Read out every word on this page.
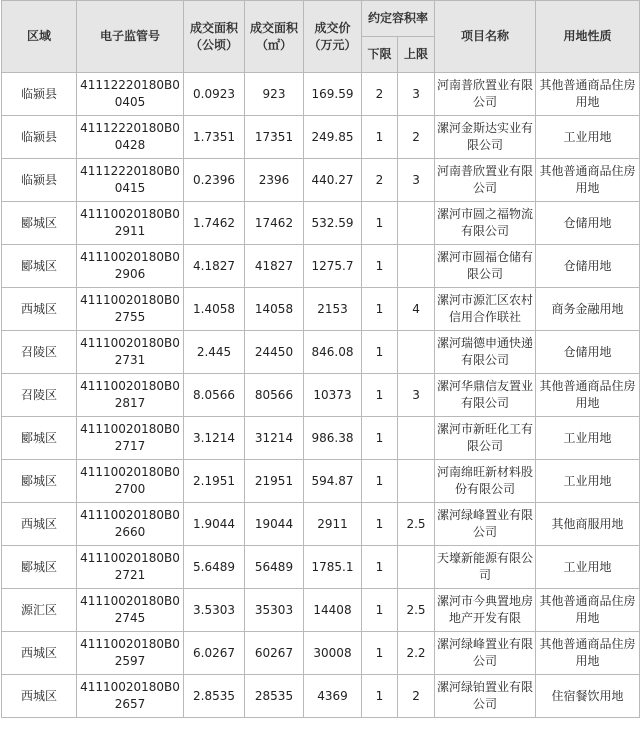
区域	电子监管号	成交面积（公顷）	成交面积（㎡）	成交价（万元）	约定容积率		项目名称	用地性质
					下限	上限		
临颍县	41112220180B00405	0.0923	923	169.59	2	3	河南普欣置业有限公司	其他普通商品住房用地
临颍县	41112220180B00428	1.7351	17351	249.85	1	2	漯河金斯达实业有限公司	工业用地
临颍县	41112220180B00415	0.2396	2396	440.27	2	3	河南普欣置业有限公司	其他普通商品住房用地
郾城区	41110020180B02911	1.7462	17462	532.59	1		漯河市圆之福物流有限公司	仓储用地
郾城区	41110020180B02906	4.1827	41827	1275.7	1		漯河市圆福仓储有限公司	仓储用地
西城区	41110020180B02755	1.4058	14058	2153	1	4	漯河市源汇区农村信用合作联社	商务金融用地
召陵区	41110020180B02731	2.445	24450	846.08	1		漯河瑞德申通快递有限公司	仓储用地
召陵区	41110020180B02817	8.0566	80566	10373	1	3	漯河华鼎信友置业有限公司	其他普通商品住房用地
郾城区	41110020180B02717	3.1214	31214	986.38	1		漯河市新旺化工有限公司	工业用地
郾城区	41110020180B02700	2.1951	21951	594.87	1		河南绵旺新材料股份有限公司	工业用地
西城区	41110020180B02660	1.9044	19044	2911	1	2.5	漯河绿峰置业有限公司	其他商服用地
郾城区	41110020180B02721	5.6489	56489	1785.1	1		天壕新能源有限公司	工业用地
源汇区	41110020180B02745	3.5303	35303	14408	1	2.5	漯河市今典置地房地产开发有限	其他普通商品住房用地
西城区	41110020180B02597	6.0267	60267	30008	1	2.2	漯河绿峰置业有限公司	其他普通商品住房用地
西城区	41110020180B02657	2.8535	28535	4369	1	2	漯河绿铂置业有限公司	住宿餐饮用地
